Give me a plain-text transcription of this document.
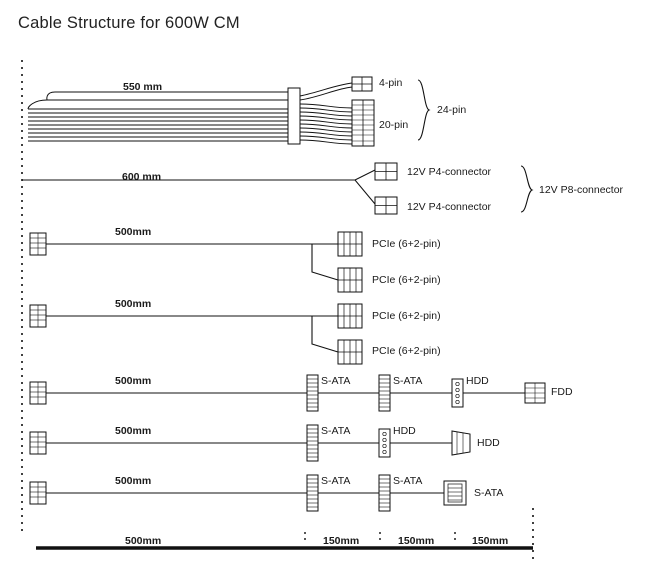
Cable Structure for 600W CM
550 mm	4-pin
20-pin
24-pin
600 mm	12V P4-connector
12V P4-connector
12V P8-connector
500mm
PCIe (6+2-pin)
PCIe (6+2-pin)
500mm
PCIe (6+2-pin)
PCIe (6+2-pin)
500mm	S-ATA	S-ATA	HDD
FDD
500mm	S-ATA	HDD
HDD
500mm	S-ATA	S-ATA
S-ATA
500mm	150mm	150mm	150mm
